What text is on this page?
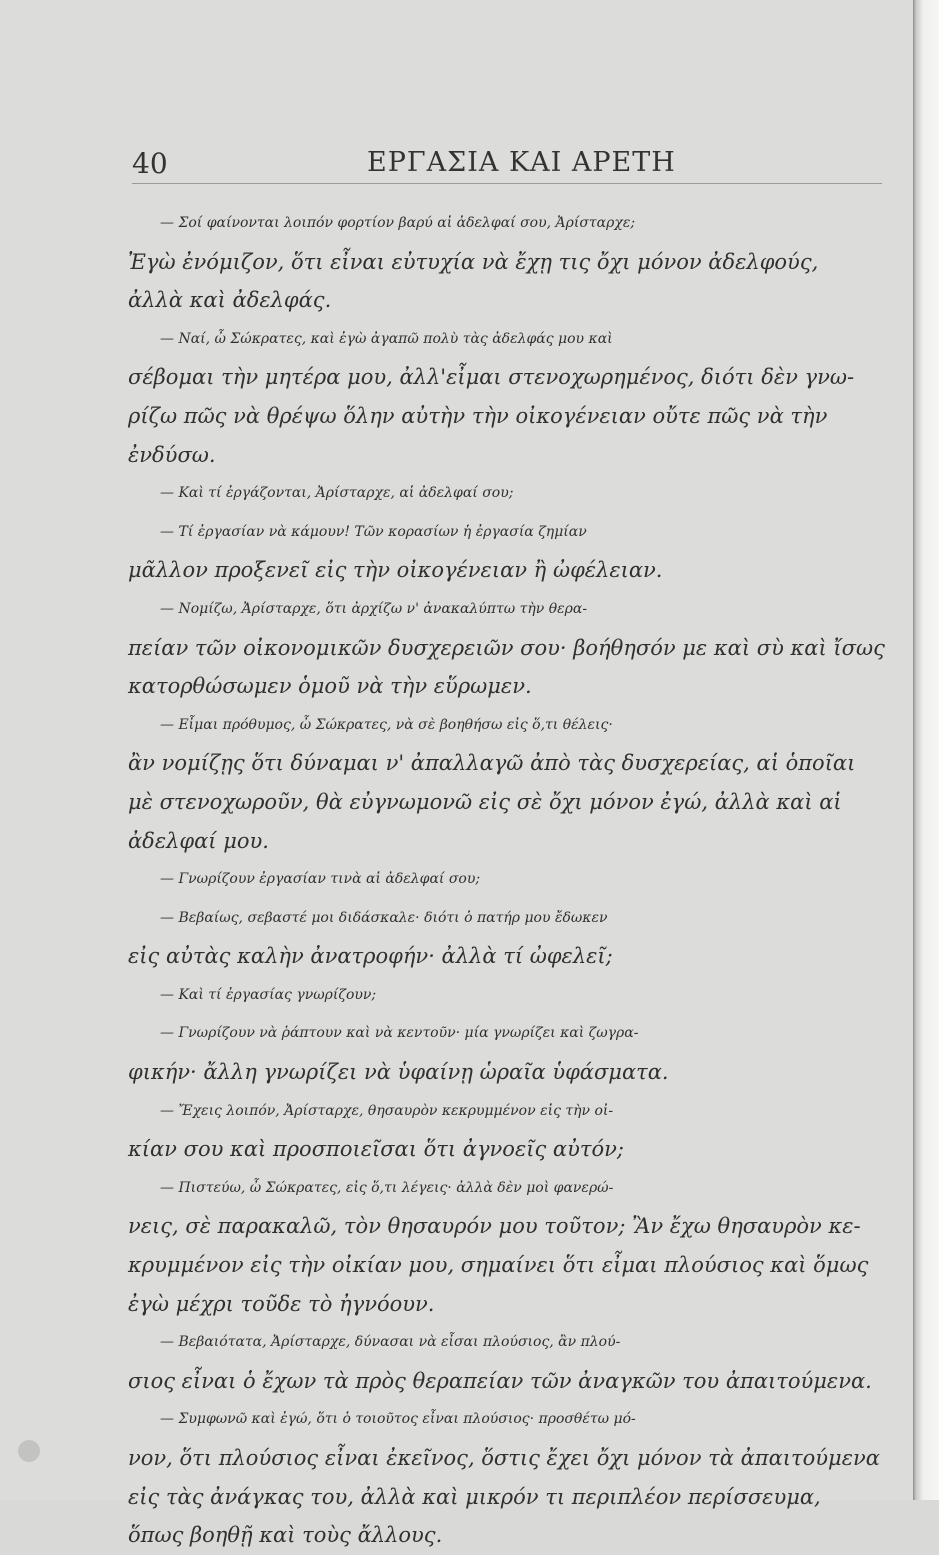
40	ΕΡΓΑΣΙΑ ΚΑΙ ΑΡΕΤΗ

— Σοί φαίνονται λοιπόν φορτίον βαρύ αἱ ἀδελφαί σου, Ἀρίσταρχε;

Ἐγὼ ἐνόμιζον, ὅτι εἶναι εὐτυχία νὰ ἔχῃ τις ὄχι μόνον ἀδελφούς,

ἀλλὰ καὶ ἀδελφάς.

— Ναί, ὦ Σώκρατες, καὶ ἐγὼ ἀγαπῶ πολὺ τὰς ἀδελφάς μου καὶ

σέβομαι τὴν μητέρα μου, ἀλλ'εἶμαι στενοχωρημένος, διότι δὲν γνω-

ρίζω πῶς νὰ θρέψω ὅλην αὐτὴν τὴν οἰκογένειαν οὔτε πῶς νὰ τὴν

ἐνδύσω.

— Καὶ τί ἐργάζονται, Ἀρίσταρχε, αἱ ἀδελφαί σου;

— Τί ἐργασίαν νὰ κάμουν! Τῶν κορασίων ἡ ἐργασία ζημίαν

μᾶλλον προξενεῖ εἰς τὴν οἰκογένειαν ἢ ὠφέλειαν.

— Νομίζω, Ἀρίσταρχε, ὅτι ἀρχίζω ν' ἀνακαλύπτω τὴν θερα-

πείαν τῶν οἰκονομικῶν δυσχερειῶν σου· βοήθησόν με καὶ σὺ καὶ ἴσως

κατορθώσωμεν ὁμοῦ νὰ τὴν εὕρωμεν.

— Εἶμαι πρόθυμος, ὦ Σώκρατες, νὰ σὲ βοηθήσω εἰς ὅ,τι θέλεις·

ἂν νομίζῃς ὅτι δύναμαι ν' ἀπαλλαγῶ ἀπὸ τὰς δυσχερείας, αἱ ὁποῖαι

μὲ στενοχωροῦν, θὰ εὐγνωμονῶ εἰς σὲ ὄχι μόνον ἐγώ, ἀλλὰ καὶ αἱ

ἀδελφαί μου.

— Γνωρίζουν ἐργασίαν τινὰ αἱ ἀδελφαί σου;

— Βεβαίως, σεβαστέ μοι διδάσκαλε· διότι ὁ πατήρ μου ἔδωκεν

εἰς αὐτὰς καλὴν ἀνατροφήν· ἀλλὰ τί ὠφελεῖ;

— Καὶ τί ἐργασίας γνωρίζουν;

— Γνωρίζουν νὰ ῥάπτουν καὶ νὰ κεντοῦν· μία γνωρίζει καὶ ζωγρα-

φικήν· ἄλλη γνωρίζει νὰ ὑφαίνῃ ὡραῖα ὑφάσματα.

— Ἔχεις λοιπόν, Ἀρίσταρχε, θησαυρὸν κεκρυμμένον εἰς τὴν οἰ-

κίαν σου καὶ προσποιεῖσαι ὅτι ἀγνοεῖς αὐτόν;

— Πιστεύω, ὦ Σώκρατες, εἰς ὅ,τι λέγεις· ἀλλὰ δὲν μοὶ φανερώ-

νεις, σὲ παρακαλῶ, τὸν θησαυρόν μου τοῦτον; Ἂν ἔχω θησαυρὸν κε-

κρυμμένον εἰς τὴν οἰκίαν μου, σημαίνει ὅτι εἶμαι πλούσιος καὶ ὅμως

ἐγὼ μέχρι τοῦδε τὸ ἠγνόουν.

— Βεβαιότατα, Ἀρίσταρχε, δύνασαι νὰ εἶσαι πλούσιος, ἂν πλού-

σιος εἶναι ὁ ἔχων τὰ πρὸς θεραπείαν τῶν ἀναγκῶν του ἀπαιτούμενα.

— Συμφωνῶ καὶ ἐγώ, ὅτι ὁ τοιοῦτος εἶναι πλούσιος· προσθέτω μό-

νον, ὅτι πλούσιος εἶναι ἐκεῖνος, ὅστις ἔχει ὄχι μόνον τὰ ἀπαιτούμενα

εἰς τὰς ἀνάγκας του, ἀλλὰ καὶ μικρόν τι περιπλέον περίσσευμα,

ὅπως βοηθῇ καὶ τοὺς ἄλλους.
